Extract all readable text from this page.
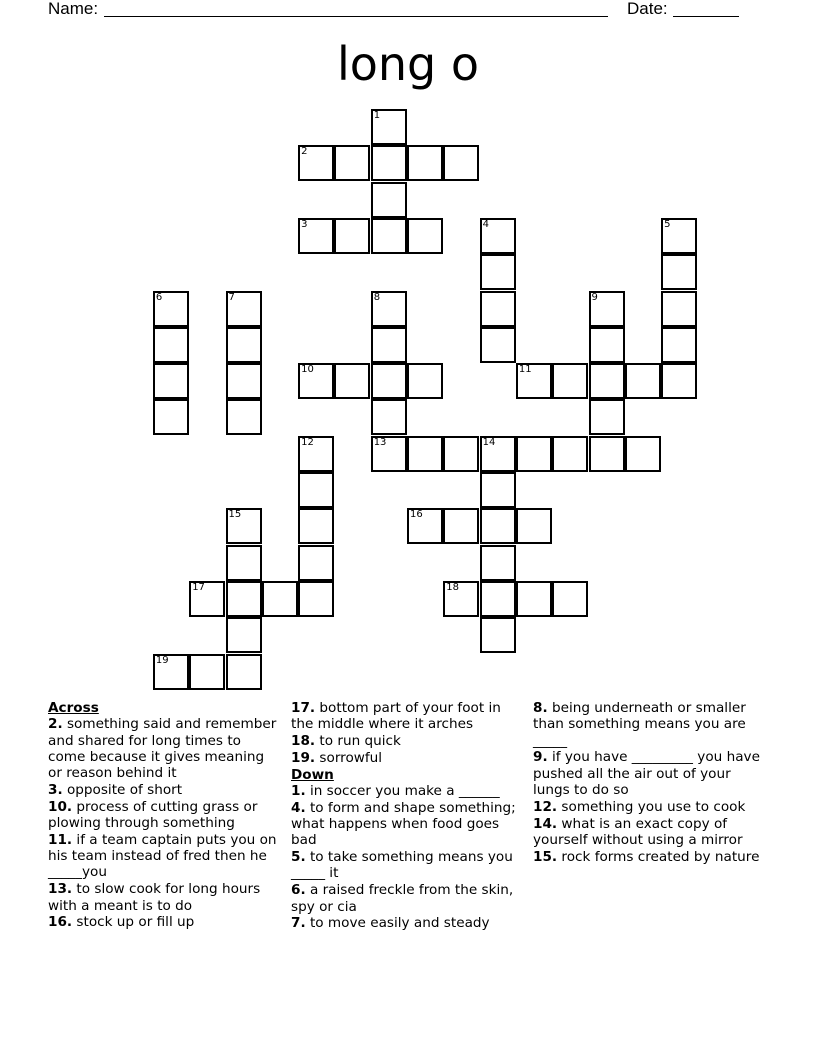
Name:	Date:
long o
1
2
3	4	5
6	7	8
13
9
10	11
12	14
15	16
17	18
19
Across
2. something said and remember and shared for long times to come because it gives meaning or reason behind it
3. opposite of short
10. process of cutting grass or plowing through something
11. if a team captain puts you on his team instead of fred then he _____you
13. to slow cook for long hours with a meant is to do
16. stock up or fill up
17. bottom part of your foot in the middle where it arches
18. to run quick
19. sorrowful
Down
1. in soccer you make a ______
4. to form and shape something; what happens when food goes bad
5. to take something means you _____ it
6. a raised freckle from the skin, spy or cia
7. to move easily and steady
8. being underneath or smaller than something means you are _____
9. if you have _________ you have pushed all the air out of your lungs to do so
12. something you use to cook
14. what is an exact copy of yourself without using a mirror
15. rock forms created by nature
